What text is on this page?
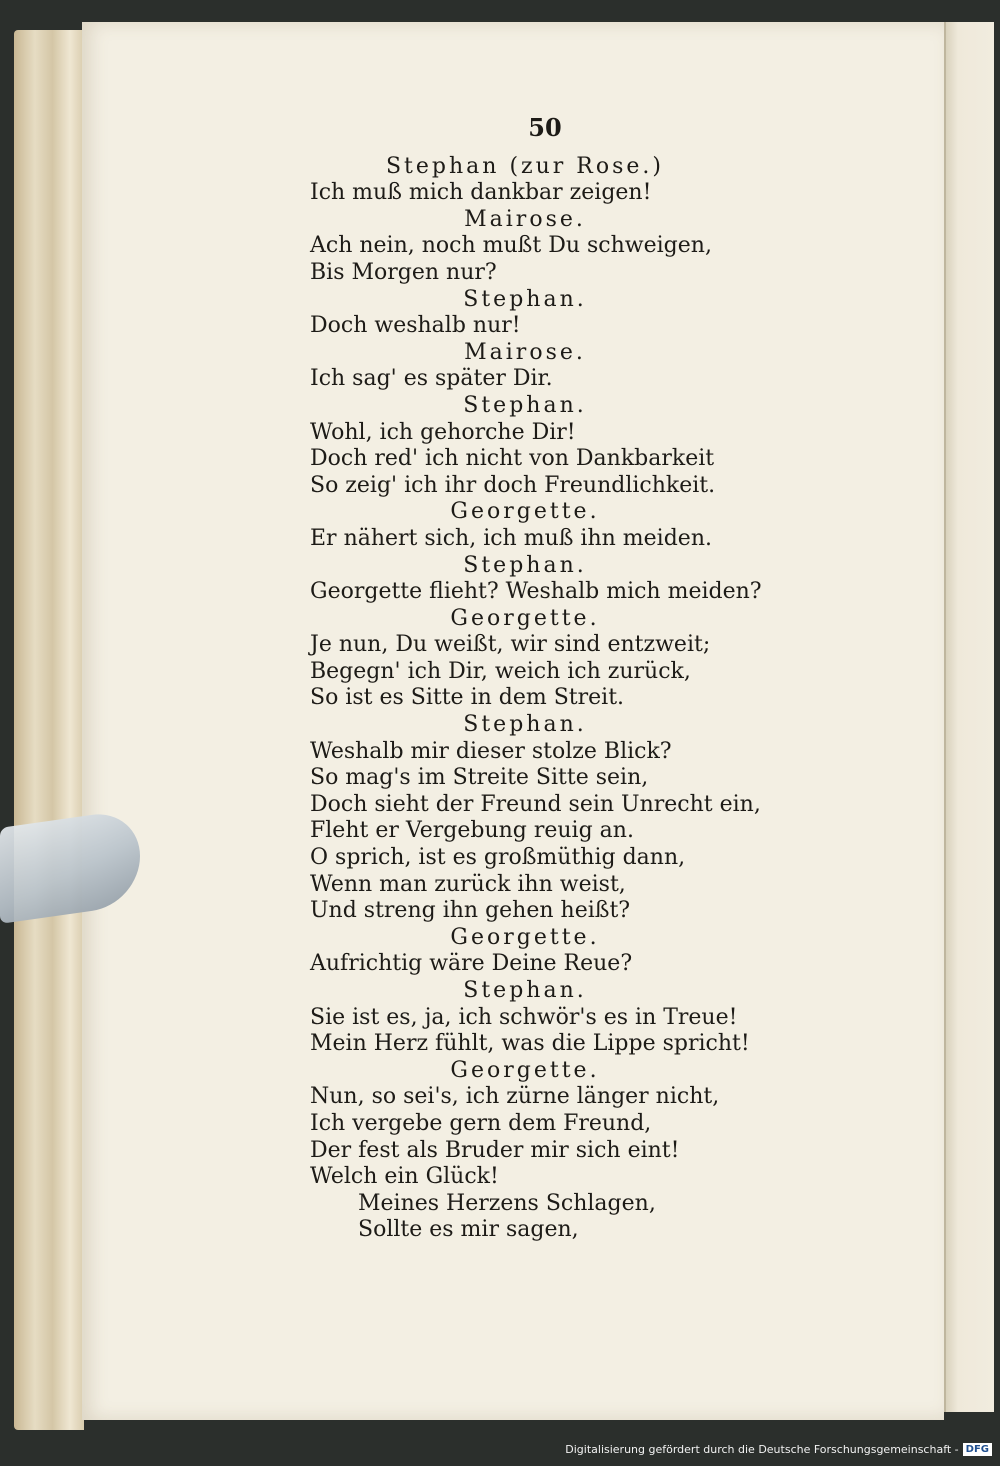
50
Stephan (zur Rose.)
Ich muß mich dankbar zeigen!
Mairose.
Ach nein, noch mußt Du schweigen,
Bis Morgen nur?
Stephan.
Doch weshalb nur!
Mairose.
Ich sag' es später Dir.
Stephan.
Wohl, ich gehorche Dir!
Doch red' ich nicht von Dankbarkeit
So zeig' ich ihr doch Freundlichkeit.
Georgette.
Er nähert sich, ich muß ihn meiden.
Stephan.
Georgette flieht? Weshalb mich meiden?
Georgette.
Je nun, Du weißt, wir sind entzweit;
Begegn' ich Dir, weich ich zurück,
So ist es Sitte in dem Streit.
Stephan.
Weshalb mir dieser stolze Blick?
So mag's im Streite Sitte sein,
Doch sieht der Freund sein Unrecht ein,
Fleht er Vergebung reuig an.
O sprich, ist es großmüthig dann,
Wenn man zurück ihn weist,
Und streng ihn gehen heißt?
Georgette.
Aufrichtig wäre Deine Reue?
Stephan.
Sie ist es, ja, ich schwör's es in Treue!
Mein Herz fühlt, was die Lippe spricht!
Georgette.
Nun, so sei's, ich zürne länger nicht,
Ich vergebe gern dem Freund,
Der fest als Bruder mir sich eint!
Welch ein Glück!
Meines Herzens Schlagen,
Sollte es mir sagen,
Digitalisierung gefördert durch die Deutsche Forschungsgemeinschaft - DFG
